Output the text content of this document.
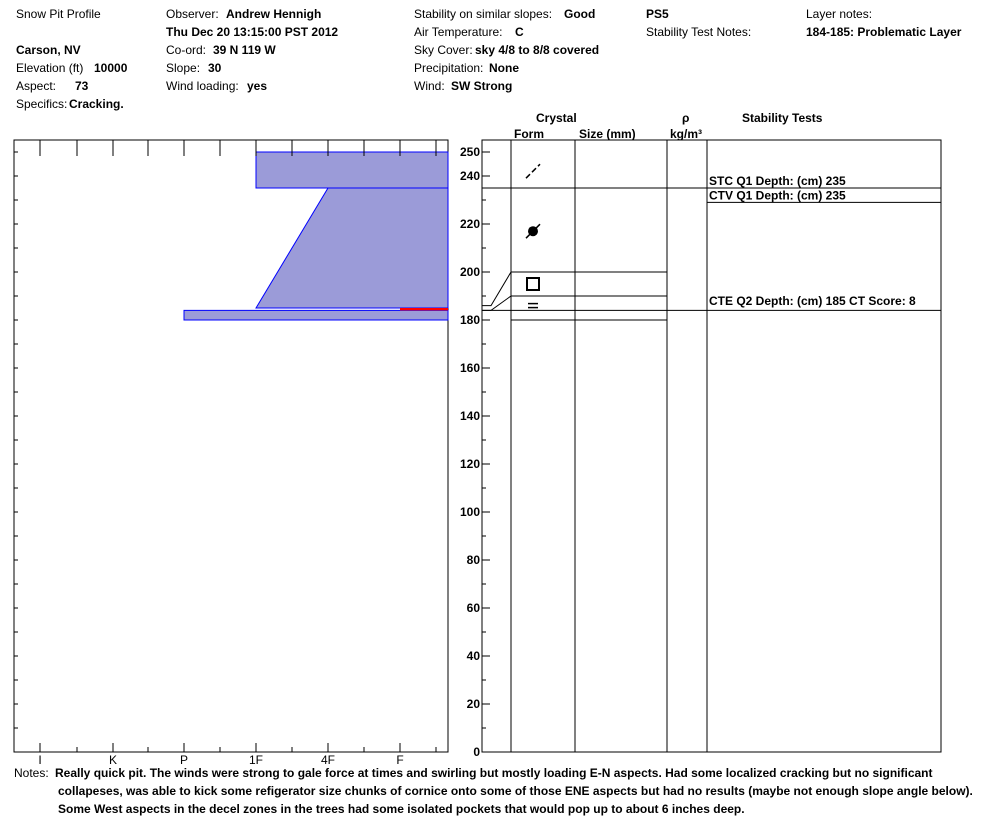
Snow Pit Profile
Carson, NV
Elevation (ft) 10000
Aspect: 73
Specifics: Cracking.
Observer: Andrew Hennigh
Thu Dec 20 13:15:00 PST 2012
Co-ord: 39 N 119 W
Slope: 30
Wind loading: yes
Stability on similar slopes: Good
Air Temperature: C
Sky Cover: sky 4/8 to 8/8 covered
Precipitation: None
Wind: SW Strong
PS5
Stability Test Notes:
Layer notes:
184-185: Problematic Layer
Crystal
Form	Size (mm)
ρ
kg/m³
Stability Tests
I	K	P	1F	4F	F
0
20
40
60
80
100
120
140
160
180
200
220
240
250
STC Q1 Depth: (cm) 235
CTV Q1 Depth: (cm) 235
CTE Q2 Depth: (cm) 185 CT Score: 8
Notes: Really quick pit. The winds were strong to gale force at times and swirling but mostly loading E-N aspects. Had some localized cracking but no significant
collapeses, was able to kick some refigerator size chunks of cornice onto some of those ENE aspects but had no results (maybe not enough slope angle below).
Some West aspects in the decel zones in the trees had some isolated pockets that would pop up to about 6 inches deep.
